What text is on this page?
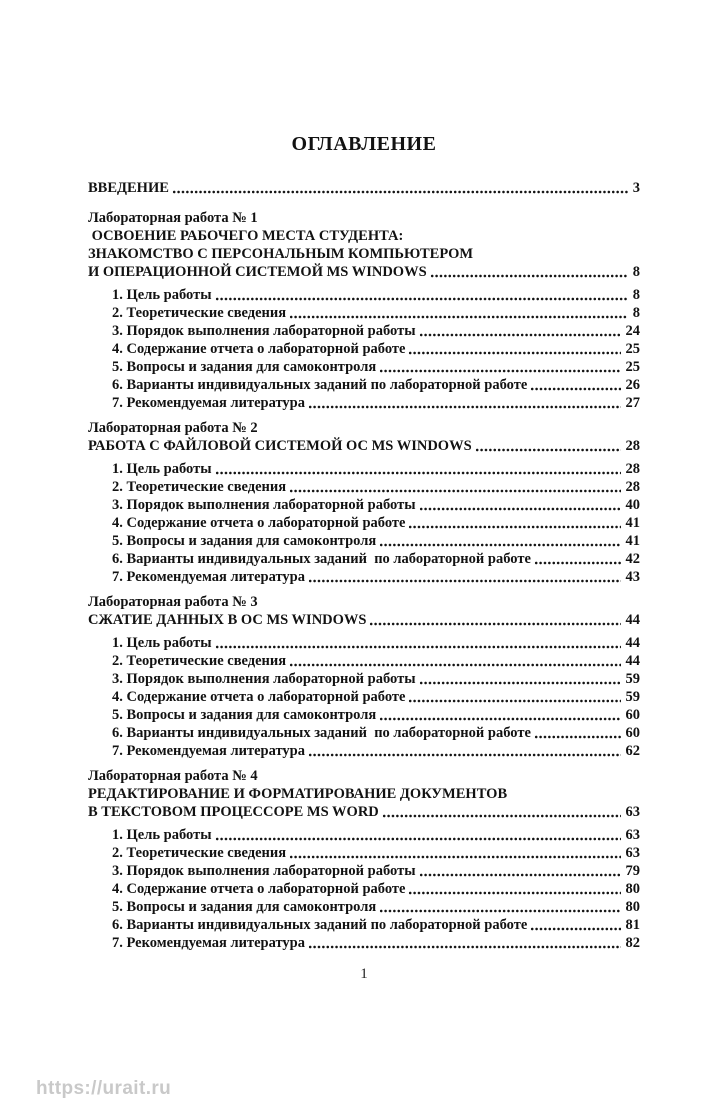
ОГЛАВЛЕНИЕ
ВВЕДЕНИЕ	3
Лабораторная работа № 1
ОСВОЕНИЕ РАБОЧЕГО МЕСТА СТУДЕНТА:
ЗНАКОМСТВО С ПЕРСОНАЛЬНЫМ КОМПЬЮТЕРОМ
И ОПЕРАЦИОННОЙ СИСТЕМОЙ MS WINDOWS	8
1. Цель работы	8
2. Теоретические сведения	8
3. Порядок выполнения лабораторной работы	24
4. Содержание отчета о лабораторной работе	25
5. Вопросы и задания для самоконтроля	25
6. Варианты индивидуальных заданий по лабораторной работе	26
7. Рекомендуемая литература	27
Лабораторная работа № 2
РАБОТА С ФАЙЛОВОЙ СИСТЕМОЙ ОС MS WINDOWS	28
1. Цель работы	28
2. Теоретические сведения	28
3. Порядок выполнения лабораторной работы	40
4. Содержание отчета о лабораторной работе	41
5. Вопросы и задания для самоконтроля	41
6. Варианты индивидуальных заданий  по лабораторной работе	42
7. Рекомендуемая литература	43
Лабораторная работа № 3
СЖАТИЕ ДАННЫХ В ОС MS WINDOWS	44
1. Цель работы	44
2. Теоретические сведения	44
3. Порядок выполнения лабораторной работы	59
4. Содержание отчета о лабораторной работе	59
5. Вопросы и задания для самоконтроля	60
6. Варианты индивидуальных заданий  по лабораторной работе	60
7. Рекомендуемая литература	62
Лабораторная работа № 4
РЕДАКТИРОВАНИЕ И ФОРМАТИРОВАНИЕ ДОКУМЕНТОВ
В ТЕКСТОВОМ ПРОЦЕССОРЕ MS WORD	63
1. Цель работы	63
2. Теоретические сведения	63
3. Порядок выполнения лабораторной работы	79
4. Содержание отчета о лабораторной работе	80
5. Вопросы и задания для самоконтроля	80
6. Варианты индивидуальных заданий по лабораторной работе	81
7. Рекомендуемая литература	82
1
https://urait.ru
